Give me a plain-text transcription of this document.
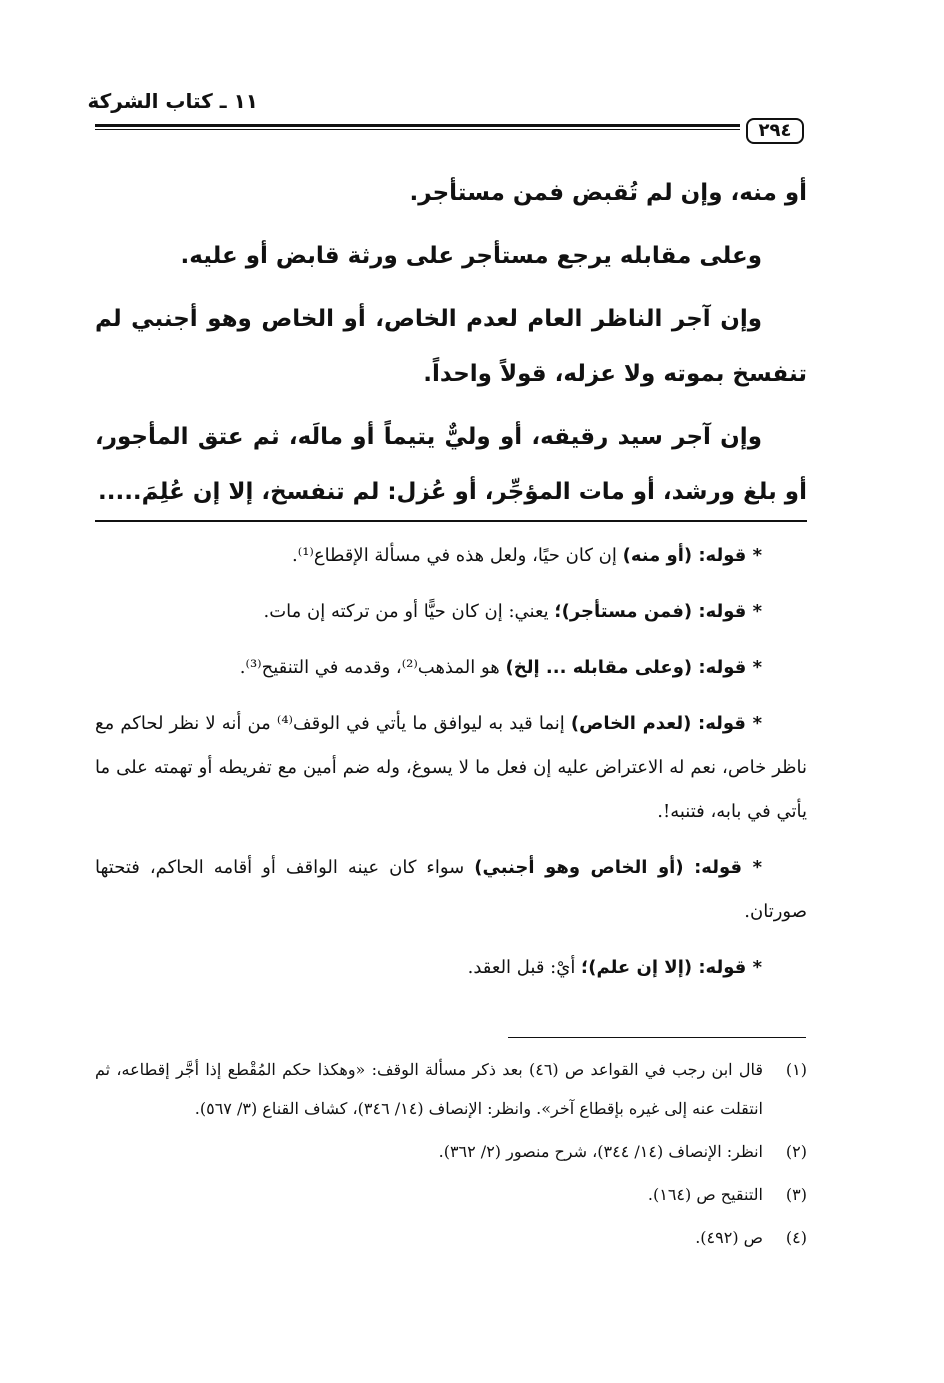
١١ ـ كتاب الشركة
٢٩٤

أو منه، وإن لم تُقبض فمن مستأجر.

وعلى مقابله يرجع مستأجر على ورثة قابض أو عليه.

وإن آجر الناظر العام لعدم الخاص، أو الخاص وهو أجنبي لم تنفسخ بموته ولا عزله، قولاً واحداً.

وإن آجر سيد رقيقه، أو وليٌّ يتيماً أو مالَه، ثم عتق المأجور، أو بلغ ورشد، أو مات المؤجِّر، أو عُزل: لم تنفسخ، إلا إن عُلِمَ.....

* قوله: (أو منه) إن كان حيًا، ولعل هذه في مسألة الإقطاع⁽¹⁾.

* قوله: (فمن مستأجر)؛ يعني: إن كان حيًّا أو من تركته إن مات.

* قوله: (وعلى مقابله ... إلخ) هو المذهب⁽²⁾، وقدمه في التنقيح⁽³⁾.

* قوله: (لعدم الخاص) إنما قيد به ليوافق ما يأتي في الوقف⁽⁴⁾ من أنه لا نظر لحاكم مع ناظر خاص، نعم له الاعتراض عليه إن فعل ما لا يسوغ، وله ضم أمين مع تفريطه أو تهمته على ما يأتي في بابه، فتنبه!.

* قوله: (أو الخاص وهو أجنبي) سواء كان عينه الواقف أو أقامه الحاكم، فتحتها صورتان.

* قوله: (إلا إن علم)؛ أيْ: قبل العقد.

(١)
قال ابن رجب في القواعد ص (٤٦) بعد ذكر مسألة الوقف: «وهكذا حكم المُقْطع إذا أجَّر إقطاعه، ثم انتقلت عنه إلى غيره بإقطاع آخر». وانظر: الإنصاف (١٤/ ٣٤٦)، كشاف القناع (٣/ ٥٦٧).
(٢)
انظر: الإنصاف (١٤/ ٣٤٤)، شرح منصور (٢/ ٣٦٢).
(٣)
التنقيح ص (١٦٤).
(٤)
ص (٤٩٢).
